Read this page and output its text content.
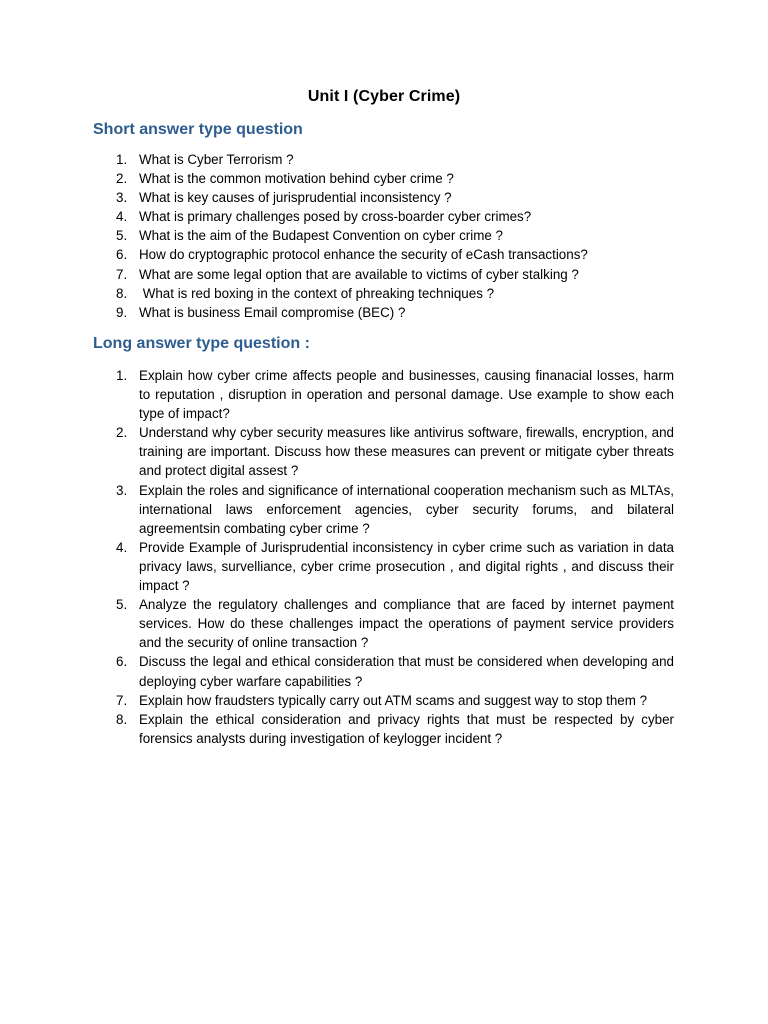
Unit I (Cyber Crime)
Short answer type question
1. What is Cyber Terrorism ?
2. What is the common motivation behind cyber crime ?
3. What is key causes of jurisprudential inconsistency ?
4. What is primary challenges posed by cross-boarder cyber crimes?
5. What is the aim of the Budapest Convention on cyber crime ?
6. How do cryptographic protocol enhance the security of eCash transactions?
7. What are some legal option that are available to victims of cyber stalking ?
8. What is red boxing in the context of phreaking techniques ?
9. What is business Email compromise (BEC) ?
Long answer type question :
1. Explain how cyber crime affects people and businesses, causing finanacial losses, harm to reputation , disruption in operation and personal damage. Use example to show each type of impact?
2. Understand why cyber security measures like antivirus software, firewalls, encryption, and training are important. Discuss how these measures can prevent or mitigate cyber threats and protect digital assest ?
3. Explain the roles and significance of international cooperation mechanism such as MLTAs, international laws enforcement agencies, cyber security forums, and bilateral agreementsin combating cyber crime ?
4. Provide Example of Jurisprudential inconsistency in cyber crime such as variation in data privacy laws, survelliance, cyber crime prosecution , and digital rights , and discuss their impact ?
5. Analyze the regulatory challenges and compliance that are faced by internet payment services. How do these challenges impact the operations of payment service providers and the security of online transaction ?
6. Discuss the legal and ethical consideration that must be considered when developing and deploying cyber warfare capabilities ?
7. Explain how fraudsters typically carry out ATM scams and suggest way to stop them ?
8. Explain the ethical consideration and privacy rights that must be respected by cyber forensics analysts during investigation of keylogger incident ?
